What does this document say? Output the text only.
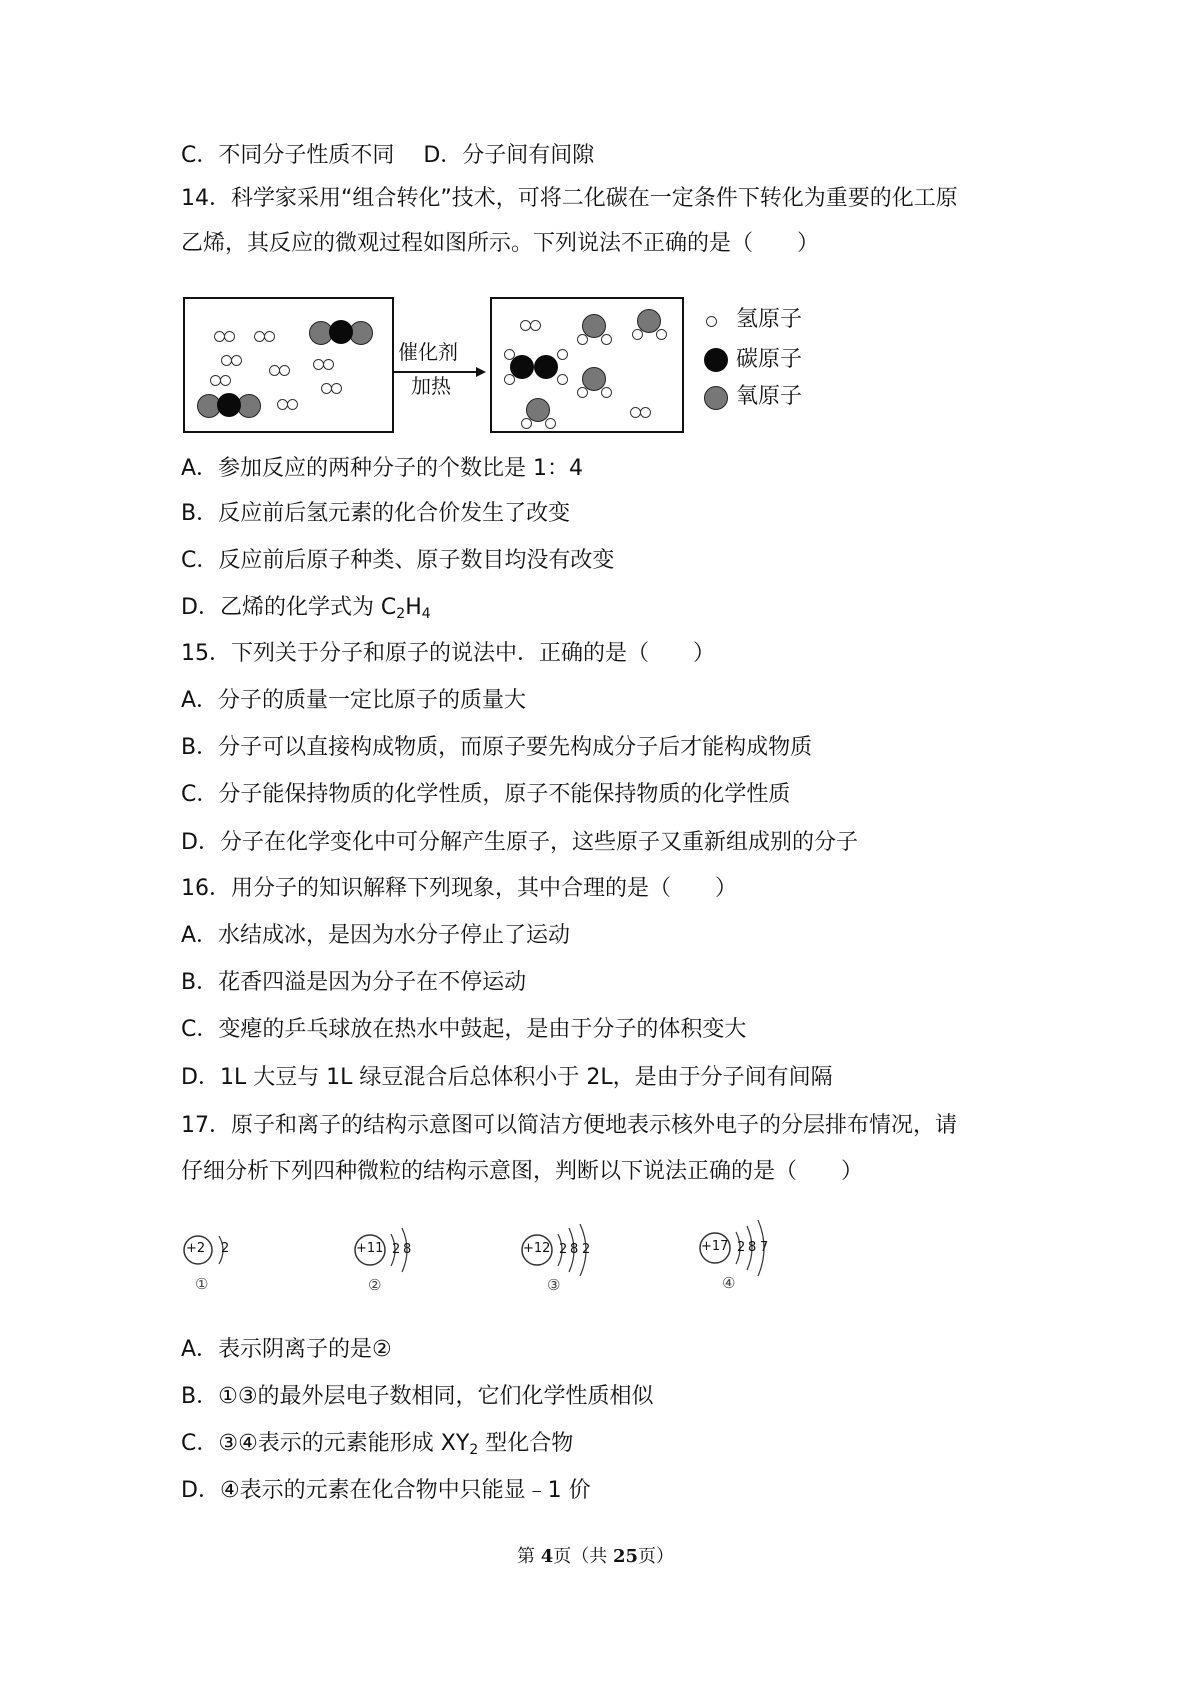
C．不同分子性质不同　 D．分子间有间隙
14．科学家采用“组合转化”技术，可将二化碳在一定条件下转化为重要的化工原
乙烯，其反应的微观过程如图所示。下列说法不正确的是（　　）
催化剂
加热
氢原子
碳原子
氧原子
A．参加反应的两种分子的个数比是 1：4
B．反应前后氢元素的化合价发生了改变
C．反应前后原子种类、原子数目均没有改变
D．乙烯的化学式为 $C_2H_4$
15．下列关于分子和原子的说法中．正确的是（　　）
A．分子的质量一定比原子的质量大
B．分子可以直接构成物质，而原子要先构成分子后才能构成物质
C．分子能保持物质的化学性质，原子不能保持物质的化学性质
D．分子在化学变化中可分解产生原子，这些原子又重新组成别的分子
16．用分子的知识解释下列现象，其中合理的是（　　）
A．水结成冰，是因为水分子停止了运动
B．花香四溢是因为分子在不停运动
C．变瘪的乒乓球放在热水中鼓起，是由于分子的体积变大
D．1L 大豆与 1L 绿豆混合后总体积小于 2L，是由于分子间有间隔
17．原子和离子的结构示意图可以简洁方便地表示核外电子的分层排布情况，请
仔细分析下列四种微粒的结构示意图，判断以下说法正确的是（　　）
+2 2
①
+11 2 8
②
+12 2 8 2
③
+17 2 8 7
④
A．表示阴离子的是②
B．①③的最外层电子数相同，它们化学性质相似
C．③④表示的元素能形成 $XY_2$ 型化合物
D．④表示的元素在化合物中只能显﹣1 价
第 4页（共 25页）
